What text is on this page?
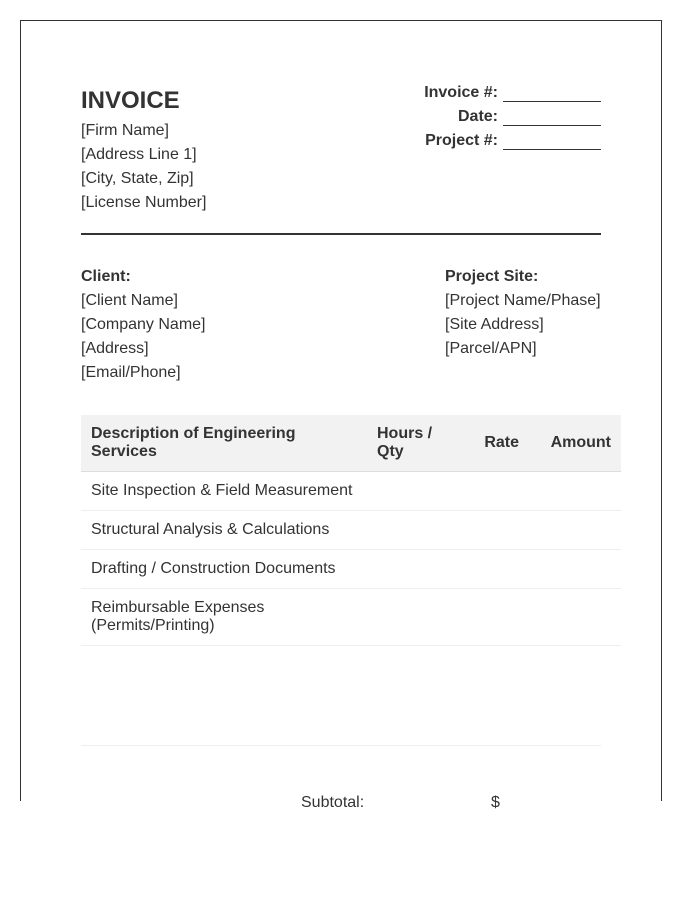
INVOICE
[Firm Name]
[Address Line 1]
[City, State, Zip]
[License Number]
Invoice #:
Date:
Project #:
Client:
[Client Name]
[Company Name]
[Address]
[Email/Phone]
Project Site:
[Project Name/Phase]
[Site Address]
[Parcel/APN]
Description of Engineering Services	Hours / Qty	Rate	Amount
Site Inspection & Field Measurement			
Structural Analysis & Calculations			
Drafting / Construction Documents			
Reimbursable Expenses (Permits/Printing)			
Subtotal:	$
